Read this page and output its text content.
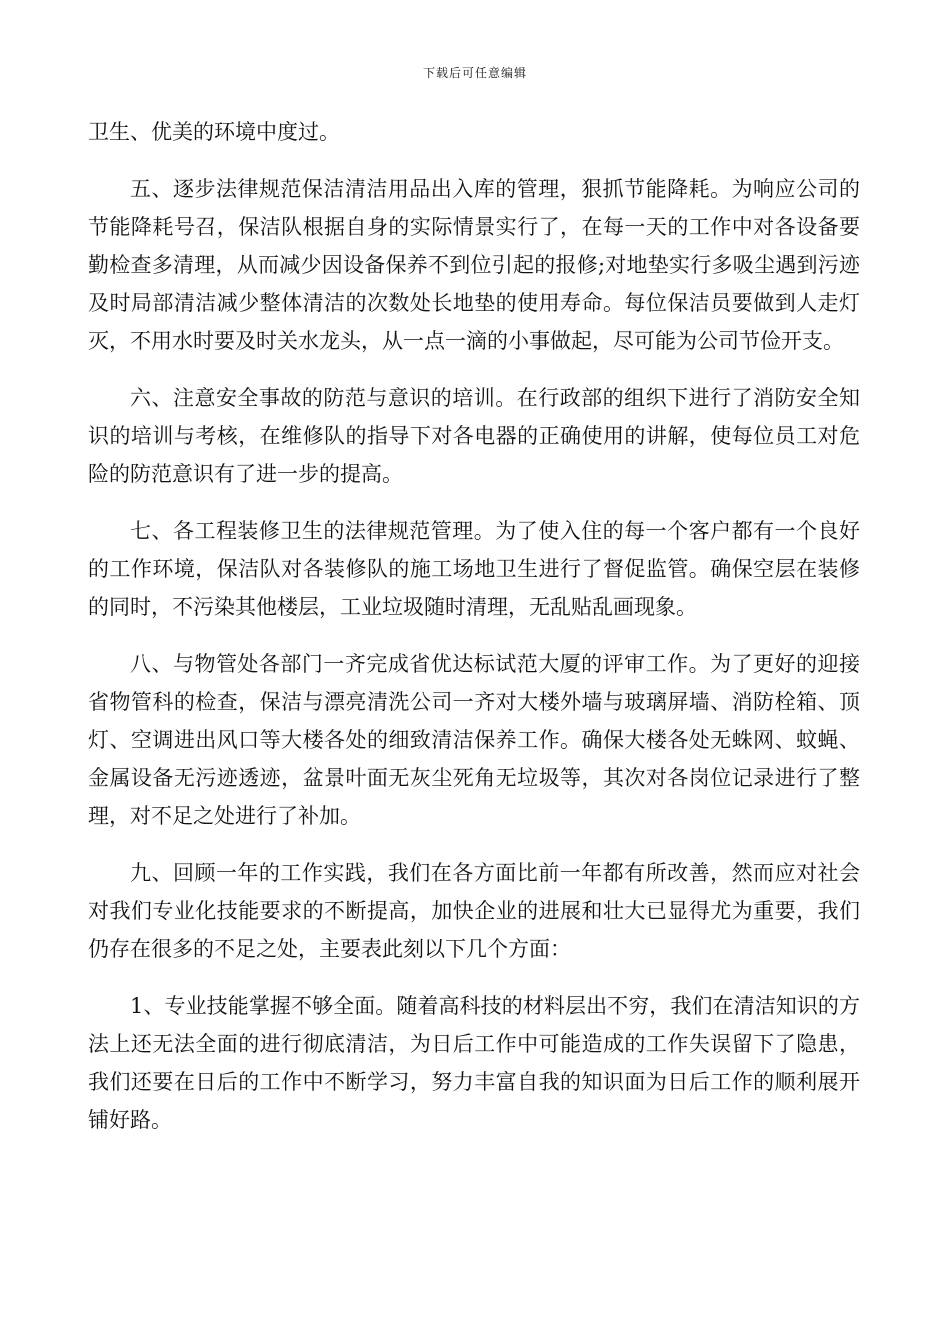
下载后可任意编辑

卫生、优美的环境中度过。

五、逐步法律规范保洁清洁用品出入库的管理，狠抓节能降耗。为响应公司的节能降耗号召，保洁队根据自身的实际情景实行了，在每一天的工作中对各设备要勤检查多清理，从而减少因设备保养不到位引起的报修;对地垫实行多吸尘遇到污迹及时局部清洁减少整体清洁的次数处长地垫的使用寿命。每位保洁员要做到人走灯灭，不用水时要及时关水龙头，从一点一滴的小事做起，尽可能为公司节俭开支。

六、注意安全事故的防范与意识的培训。在行政部的组织下进行了消防安全知识的培训与考核，在维修队的指导下对各电器的正确使用的讲解，使每位员工对危险的防范意识有了进一步的提高。

七、各工程装修卫生的法律规范管理。为了使入住的每一个客户都有一个良好的工作环境，保洁队对各装修队的施工场地卫生进行了督促监管。确保空层在装修的同时，不污染其他楼层，工业垃圾随时清理，无乱贴乱画现象。

八、与物管处各部门一齐完成省优达标试范大厦的评审工作。为了更好的迎接省物管科的检查，保洁与漂亮清洗公司一齐对大楼外墙与玻璃屏墙、消防栓箱、顶灯、空调进出风口等大楼各处的细致清洁保养工作。确保大楼各处无蛛网、蚊蝇、金属设备无污迹透迹，盆景叶面无灰尘死角无垃圾等，其次对各岗位记录进行了整理，对不足之处进行了补加。

九、回顾一年的工作实践，我们在各方面比前一年都有所改善，然而应对社会对我们专业化技能要求的不断提高，加快企业的进展和壮大已显得尤为重要，我们仍存在很多的不足之处，主要表此刻以下几个方面：

1、专业技能掌握不够全面。随着高科技的材料层出不穷，我们在清洁知识的方法上还无法全面的进行彻底清洁，为日后工作中可能造成的工作失误留下了隐患，我们还要在日后的工作中不断学习，努力丰富自我的知识面为日后工作的顺利展开铺好路。
